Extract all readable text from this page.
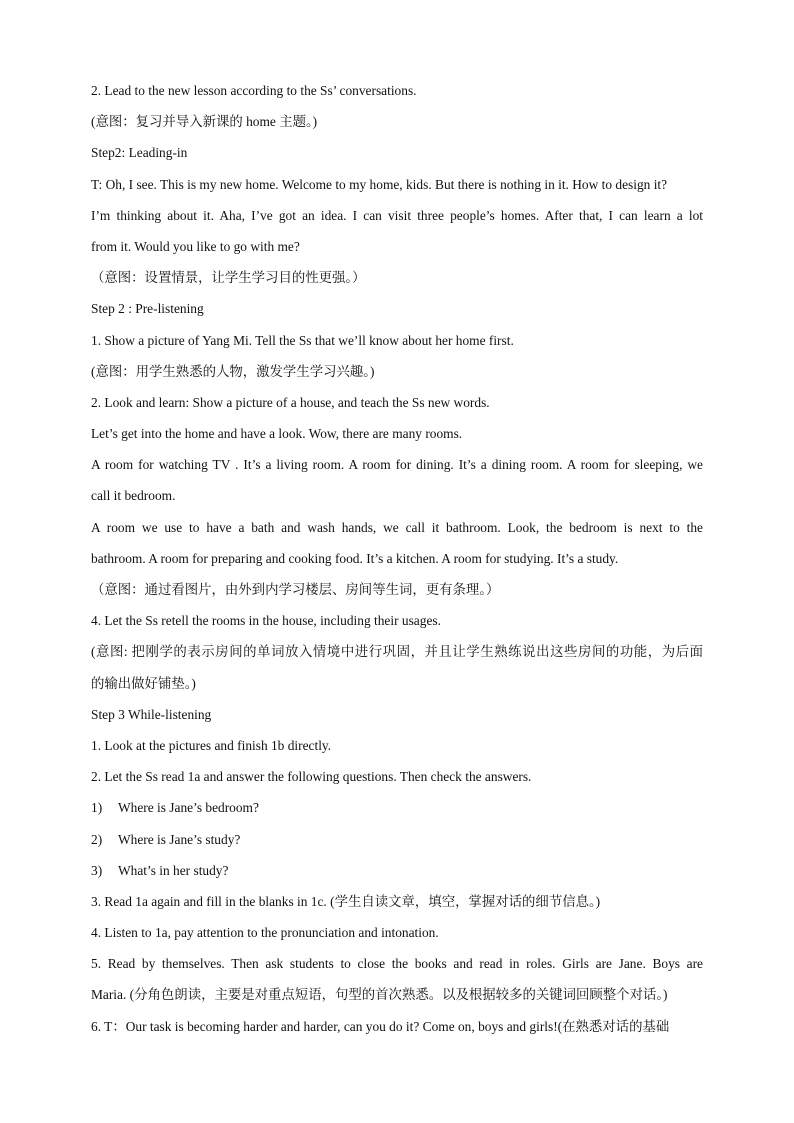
2. Lead to the new lesson according to the Ss’ conversations.
(意图：复习并导入新课的 home 主题。)
Step2: Leading-in
T: Oh, I see. This is my new home. Welcome to my home, kids. But there is nothing in it. How to design it?
I’m thinking about it. Aha, I’ve got an idea. I can visit three people’s homes. After that, I can learn a lot
from it. Would you like to go with me?
（意图：设置情景，让学生学习目的性更强。）
Step 2 : Pre-listening
1. Show a picture of Yang Mi. Tell the Ss that we’ll know about her home first.
(意图：用学生熟悉的人物，激发学生学习兴趣。)
2. Look and learn: Show a picture of a house, and teach the Ss new words.
Let’s get into the home and have a look. Wow, there are many rooms.
A room for watching TV . It’s a living room. A room for dining. It’s a dining room. A room for sleeping, we
call it bedroom.
A room we use to have a bath and wash hands, we call it bathroom. Look, the bedroom is next to the
bathroom. A room for preparing and cooking food. It’s a kitchen. A room for studying. It’s a study.
（意图：通过看图片，由外到内学习楼层、房间等生词，更有条理。）
4. Let the Ss retell the rooms in the house, including their usages.
(意图: 把刚学的表示房间的单词放入情境中进行巩固，并且让学生熟练说出这些房间的功能，为后面
的输出做好铺垫。)
Step 3 While-listening
1. Look at the pictures and finish 1b directly.
2. Let the Ss read 1a and answer the following questions. Then check the answers.
1) Where is Jane’s bedroom?
2) Where is Jane’s study?
3) What’s in her study?
3. Read 1a again and fill in the blanks in 1c. (学生自读文章，填空，掌握对话的细节信息。)
4. Listen to 1a, pay attention to the pronunciation and intonation.
5. Read by themselves. Then ask students to close the books and read in roles. Girls are Jane. Boys are
Maria. (分角色朗读，主要是对重点短语，句型的首次熟悉。以及根据较多的关键词回顾整个对话。)
6. T：Our task is becoming harder and harder, can you do it? Come on, boys and girls!(在熟悉对话的基础
